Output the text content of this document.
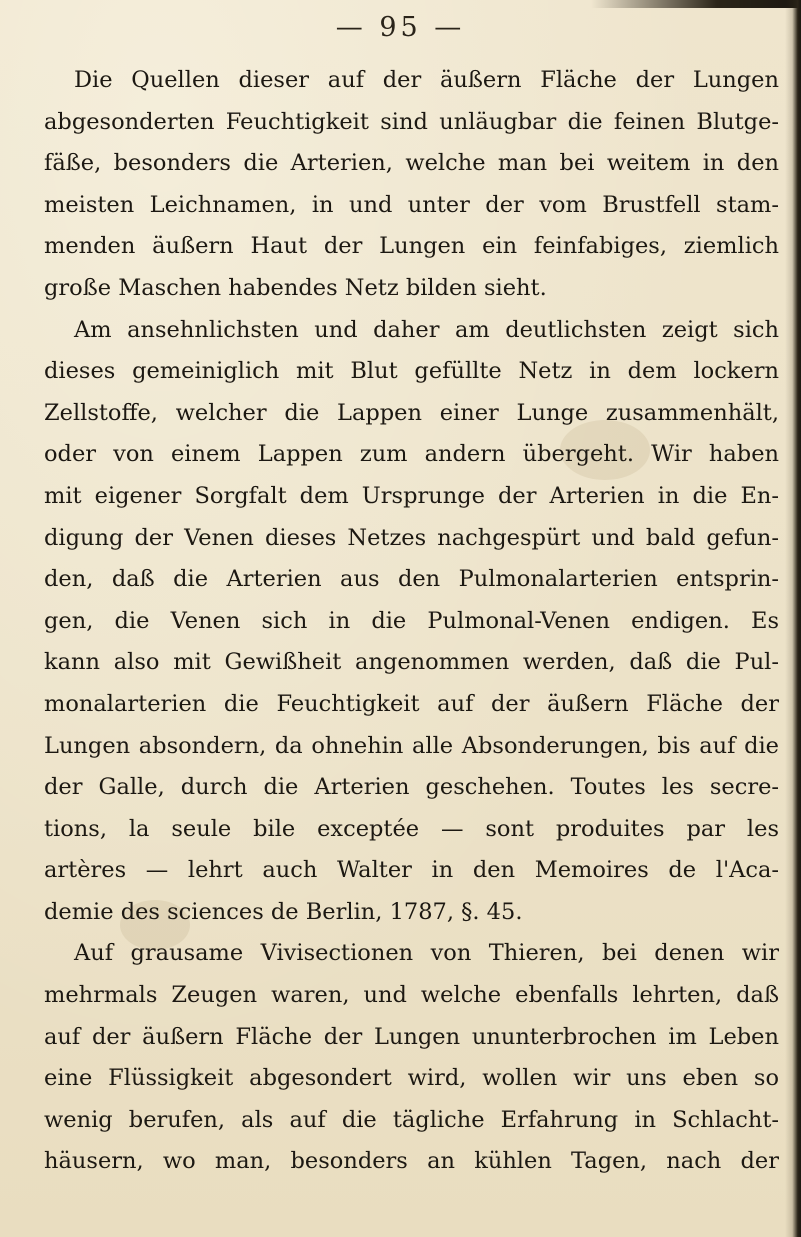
— 95 —
Die Quellen dieser auf der äußern Fläche der Lungen
abgesonderten Feuchtigkeit sind unläugbar die feinen Blutge-
fäße, besonders die Arterien, welche man bei weitem in den
meisten Leichnamen, in und unter der vom Brustfell stam-
menden äußern Haut der Lungen ein feinfabiges, ziemlich
große Maschen habendes Netz bilden sieht.
Am ansehnlichsten und daher am deutlichsten zeigt sich
dieses gemeiniglich mit Blut gefüllte Netz in dem lockern
Zellstoffe, welcher die Lappen einer Lunge zusammenhält,
oder von einem Lappen zum andern übergeht. Wir haben
mit eigener Sorgfalt dem Ursprunge der Arterien in die En-
digung der Venen dieses Netzes nachgespürt und bald gefun-
den, daß die Arterien aus den Pulmonalarterien entsprin-
gen, die Venen sich in die Pulmonal-Venen endigen. Es
kann also mit Gewißheit angenommen werden, daß die Pul-
monalarterien die Feuchtigkeit auf der äußern Fläche der
Lungen absondern, da ohnehin alle Absonderungen, bis auf die
der Galle, durch die Arterien geschehen. Toutes les secre-
tions, la seule bile exceptée — sont produites par les
artères — lehrt auch Walter in den Memoires de l'Aca-
demie des sciences de Berlin, 1787, §. 45.
Auf grausame Vivisectionen von Thieren, bei denen wir
mehrmals Zeugen waren, und welche ebenfalls lehrten, daß
auf der äußern Fläche der Lungen ununterbrochen im Leben
eine Flüssigkeit abgesondert wird, wollen wir uns eben so
wenig berufen, als auf die tägliche Erfahrung in Schlacht-
häusern, wo man, besonders an kühlen Tagen, nach der
